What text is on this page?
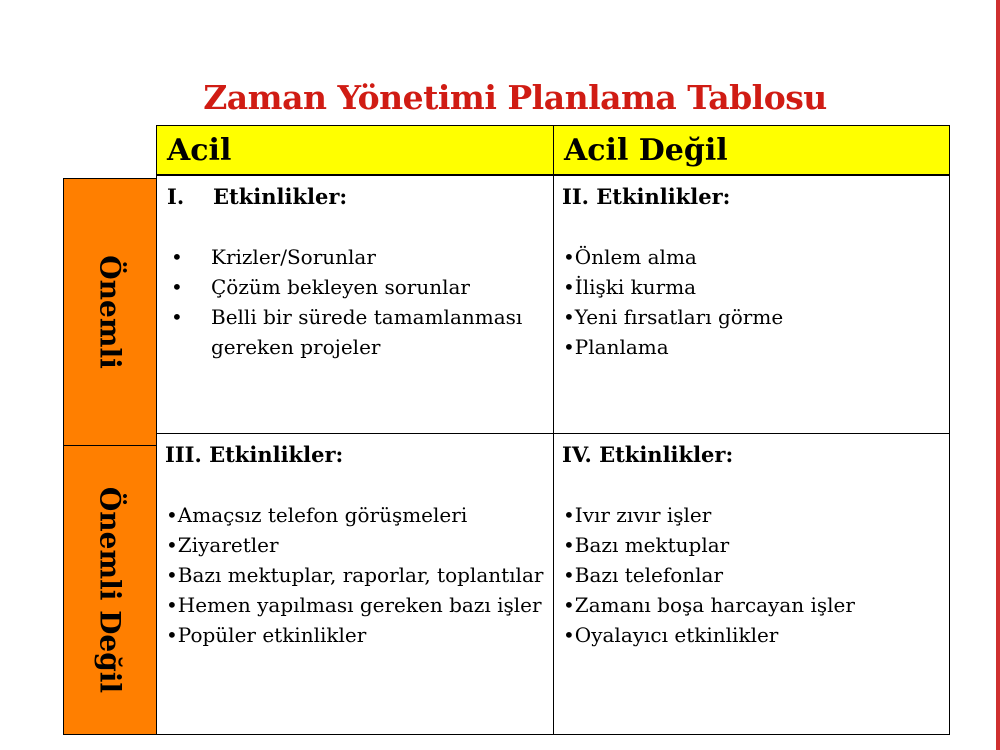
Zaman Yönetimi Planlama Tablosu
Acil	Acil Değil
Önemli
Önemli Değil
I. Etkinlikler:
• Krizler/Sorunlar
• Çözüm bekleyen sorunlar
• Belli bir sürede tamamlanması gereken projeler
II. Etkinlikler:
• Önlem alma
• İlişki kurma
• Yeni fırsatları görme
• Planlama
III. Etkinlikler:
• Amaçsız telefon görüşmeleri
• Ziyaretler
• Bazı mektuplar, raporlar, toplantılar
• Hemen yapılması gereken bazı işler
• Popüler etkinlikler
IV. Etkinlikler:
• Ivır zıvır işler
• Bazı mektuplar
• Bazı telefonlar
• Zamanı boşa harcayan işler
• Oyalayıcı etkinlikler
